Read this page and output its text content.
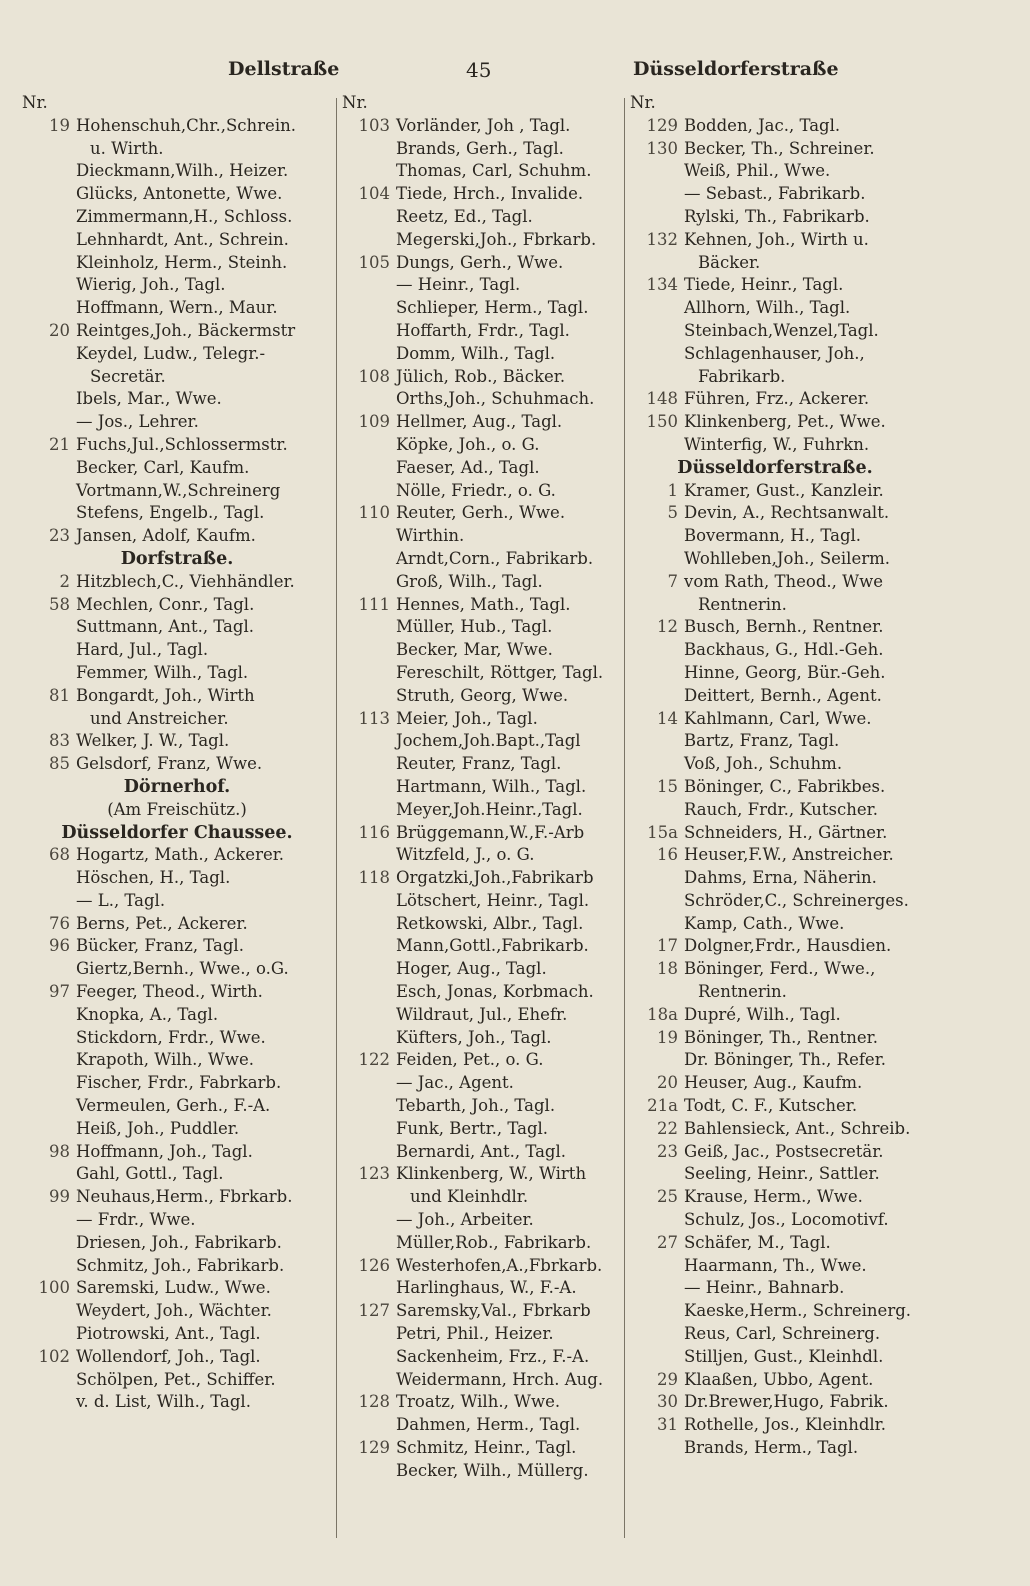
Dellstraße	45	Düsseldorferstraße
Nr.
19 Hohenschuh,Chr.,Schrein.
u. Wirth.
Dieckmann,Wilh., Heizer.
Glücks, Antonette, Wwe.
Zimmermann,H., Schloss.
Lehnhardt, Ant., Schrein.
Kleinholz, Herm., Steinh.
Wierig, Joh., Tagl.
Hoffmann, Wern., Maur.
20 Reintges,Joh., Bäckermstr
Keydel, Ludw., Telegr.-
Secretär.
Ibels, Mar., Wwe.
— Jos., Lehrer.
21 Fuchs,Jul.,Schlossermstr.
Becker, Carl, Kaufm.
Vortmann,W.,Schreinerg
Stefens, Engelb., Tagl.
23 Jansen, Adolf, Kaufm.
Dorfstraße.
2 Hitzblech,C., Viehhändler.
58 Mechlen, Conr., Tagl.
Suttmann, Ant., Tagl.
Hard, Jul., Tagl.
Femmer, Wilh., Tagl.
81 Bongardt, Joh., Wirth
und Anstreicher.
83 Welker, J. W., Tagl.
85 Gelsdorf, Franz, Wwe.
Dörnerhof.
(Am Freischütz.)
Düsseldorfer Chaussee.
68 Hogartz, Math., Ackerer.
Höschen, H., Tagl.
— L., Tagl.
76 Berns, Pet., Ackerer.
96 Bücker, Franz, Tagl.
Giertz,Bernh., Wwe., o.G.
97 Feeger, Theod., Wirth.
Knopka, A., Tagl.
Stickdorn, Frdr., Wwe.
Krapoth, Wilh., Wwe.
Fischer, Frdr., Fabrkarb.
Vermeulen, Gerh., F.-A.
Heiß, Joh., Puddler.
98 Hoffmann, Joh., Tagl.
Gahl, Gottl., Tagl.
99 Neuhaus,Herm., Fbrkarb.
— Frdr., Wwe.
Driesen, Joh., Fabrikarb.
Schmitz, Joh., Fabrikarb.
100 Saremski, Ludw., Wwe.
Weydert, Joh., Wächter.
Piotrowski, Ant., Tagl.
102 Wollendorf, Joh., Tagl.
Schölpen, Pet., Schiffer.
v. d. List, Wilh., Tagl.
Nr.
103 Vorländer, Joh , Tagl.
Brands, Gerh., Tagl.
Thomas, Carl, Schuhm.
104 Tiede, Hrch., Invalide.
Reetz, Ed., Tagl.
Megerski,Joh., Fbrkarb.
105 Dungs, Gerh., Wwe.
— Heinr., Tagl.
Schlieper, Herm., Tagl.
Hoffarth, Frdr., Tagl.
Domm, Wilh., Tagl.
108 Jülich, Rob., Bäcker.
Orths,Joh., Schuhmach.
109 Hellmer, Aug., Tagl.
Köpke, Joh., o. G.
Faeser, Ad., Tagl.
Nölle, Friedr., o. G.
110 Reuter, Gerh., Wwe.
Wirthin.
Arndt,Corn., Fabrikarb.
Groß, Wilh., Tagl.
111 Hennes, Math., Tagl.
Müller, Hub., Tagl.
Becker, Mar, Wwe.
Fereschilt, Röttger, Tagl.
Struth, Georg, Wwe.
113 Meier, Joh., Tagl.
Jochem,Joh.Bapt.,Tagl
Reuter, Franz, Tagl.
Hartmann, Wilh., Tagl.
Meyer,Joh.Heinr.,Tagl.
116 Brüggemann,W.,F.-Arb
Witzfeld, J., o. G.
118 Orgatzki,Joh.,Fabrikarb
Lötschert, Heinr., Tagl.
Retkowski, Albr., Tagl.
Mann,Gottl.,Fabrikarb.
Hoger, Aug., Tagl.
Esch, Jonas, Korbmach.
Wildraut, Jul., Ehefr.
Küfters, Joh., Tagl.
122 Feiden, Pet., o. G.
— Jac., Agent.
Tebarth, Joh., Tagl.
Funk, Bertr., Tagl.
Bernardi, Ant., Tagl.
123 Klinkenberg, W., Wirth
und Kleinhdlr.
— Joh., Arbeiter.
Müller,Rob., Fabrikarb.
126 Westerhofen,A.,Fbrkarb.
Harlinghaus, W., F.-A.
127 Saremsky,Val., Fbrkarb
Petri, Phil., Heizer.
Sackenheim, Frz., F.-A.
Weidermann, Hrch. Aug.
128 Troatz, Wilh., Wwe.
Dahmen, Herm., Tagl.
129 Schmitz, Heinr., Tagl.
Becker, Wilh., Müllerg.
Nr.
129 Bodden, Jac., Tagl.
130 Becker, Th., Schreiner.
Weiß, Phil., Wwe.
— Sebast., Fabrikarb.
Rylski, Th., Fabrikarb.
132 Kehnen, Joh., Wirth u.
Bäcker.
134 Tiede, Heinr., Tagl.
Allhorn, Wilh., Tagl.
Steinbach,Wenzel,Tagl.
Schlagenhauser, Joh.,
Fabrikarb.
148 Führen, Frz., Ackerer.
150 Klinkenberg, Pet., Wwe.
Winterfig, W., Fuhrkn.
Düsseldorferstraße.
1 Kramer, Gust., Kanzleir.
5 Devin, A., Rechtsanwalt.
Bovermann, H., Tagl.
Wohlleben,Joh., Seilerm.
7 vom Rath, Theod., Wwe
Rentnerin.
12 Busch, Bernh., Rentner.
Backhaus, G., Hdl.-Geh.
Hinne, Georg, Bür.-Geh.
Deittert, Bernh., Agent.
14 Kahlmann, Carl, Wwe.
Bartz, Franz, Tagl.
Voß, Joh., Schuhm.
15 Böninger, C., Fabrikbes.
Rauch, Frdr., Kutscher.
15a Schneiders, H., Gärtner.
16 Heuser,F.W., Anstreicher.
Dahms, Erna, Näherin.
Schröder,C., Schreinerges.
Kamp, Cath., Wwe.
17 Dolgner,Frdr., Hausdien.
18 Böninger, Ferd., Wwe.,
Rentnerin.
18a Dupré, Wilh., Tagl.
19 Böninger, Th., Rentner.
Dr. Böninger, Th., Refer.
20 Heuser, Aug., Kaufm.
21a Todt, C. F., Kutscher.
22 Bahlensieck, Ant., Schreib.
23 Geiß, Jac., Postsecretär.
Seeling, Heinr., Sattler.
25 Krause, Herm., Wwe.
Schulz, Jos., Locomotivf.
27 Schäfer, M., Tagl.
Haarmann, Th., Wwe.
— Heinr., Bahnarb.
Kaeske,Herm., Schreinerg.
Reus, Carl, Schreinerg.
Stilljen, Gust., Kleinhdl.
29 Klaaßen, Ubbo, Agent.
30 Dr.Brewer,Hugo, Fabrik.
31 Rothelle, Jos., Kleinhdlr.
Brands, Herm., Tagl.
